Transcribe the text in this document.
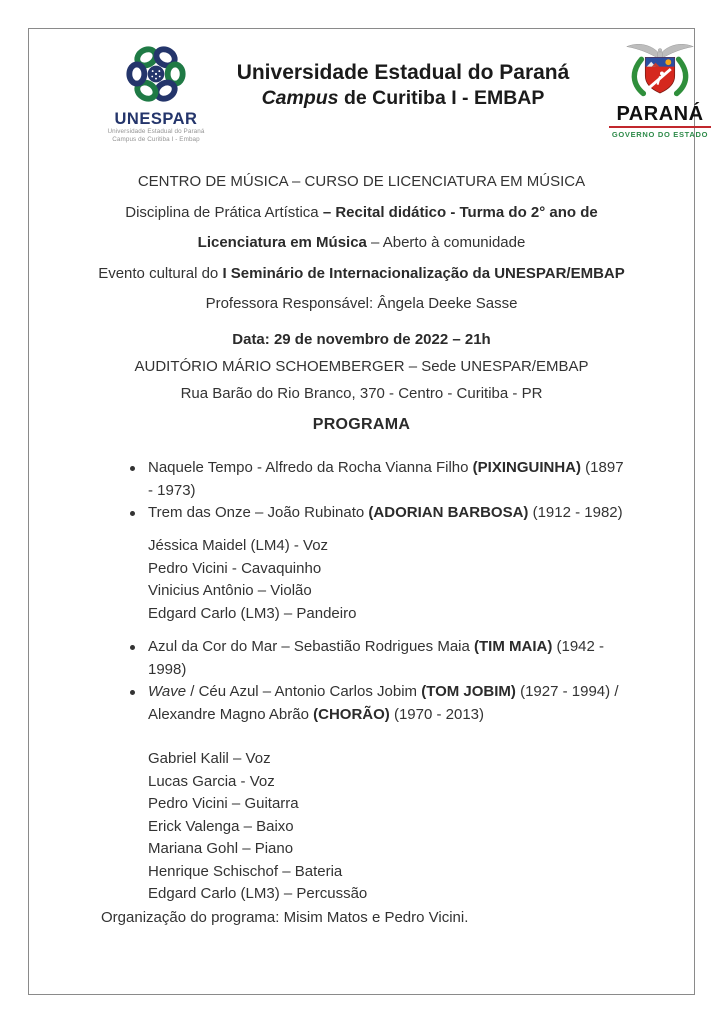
UNESPAR
Universidade Estadual do Paraná
Campus de Curitiba I - Embap
Universidade Estadual do Paraná
Campus de Curitiba I - EMBAP
PARANÁ
GOVERNO DO ESTADO
CENTRO DE MÚSICA – CURSO DE LICENCIATURA EM MÚSICA
Disciplina de Prática Artística – Recital didático - Turma do 2° ano de
Licenciatura em Música – Aberto à comunidade
Evento cultural do I Seminário de Internacionalização da UNESPAR/EMBAP
Professora Responsável: Ângela Deeke Sasse
Data: 29 de novembro de 2022 – 21h
AUDITÓRIO MÁRIO SCHOEMBERGER – Sede UNESPAR/EMBAP
Rua Barão do Rio Branco, 370 - Centro - Curitiba - PR
PROGRAMA
Naquele Tempo - Alfredo da Rocha Vianna Filho (PIXINGUINHA) (1897
- 1973)
Trem das Onze – João Rubinato (ADORIAN BARBOSA) (1912 - 1982)
Jéssica Maidel (LM4) - Voz
Pedro Vicini - Cavaquinho
Vinicius Antônio – Violão
Edgard Carlo (LM3) – Pandeiro
Azul da Cor do Mar – Sebastião Rodrigues Maia (TIM MAIA) (1942 -
1998)
Wave / Céu Azul – Antonio Carlos Jobim (TOM JOBIM) (1927 - 1994) /
Alexandre Magno Abrão (CHORÃO) (1970 - 2013)
Gabriel Kalil – Voz
Lucas Garcia - Voz
Pedro Vicini – Guitarra
Erick Valenga – Baixo
Mariana Gohl – Piano
Henrique Schischof – Bateria
Edgard Carlo (LM3) – Percussão
Organização do programa: Misim Matos e Pedro Vicini.
